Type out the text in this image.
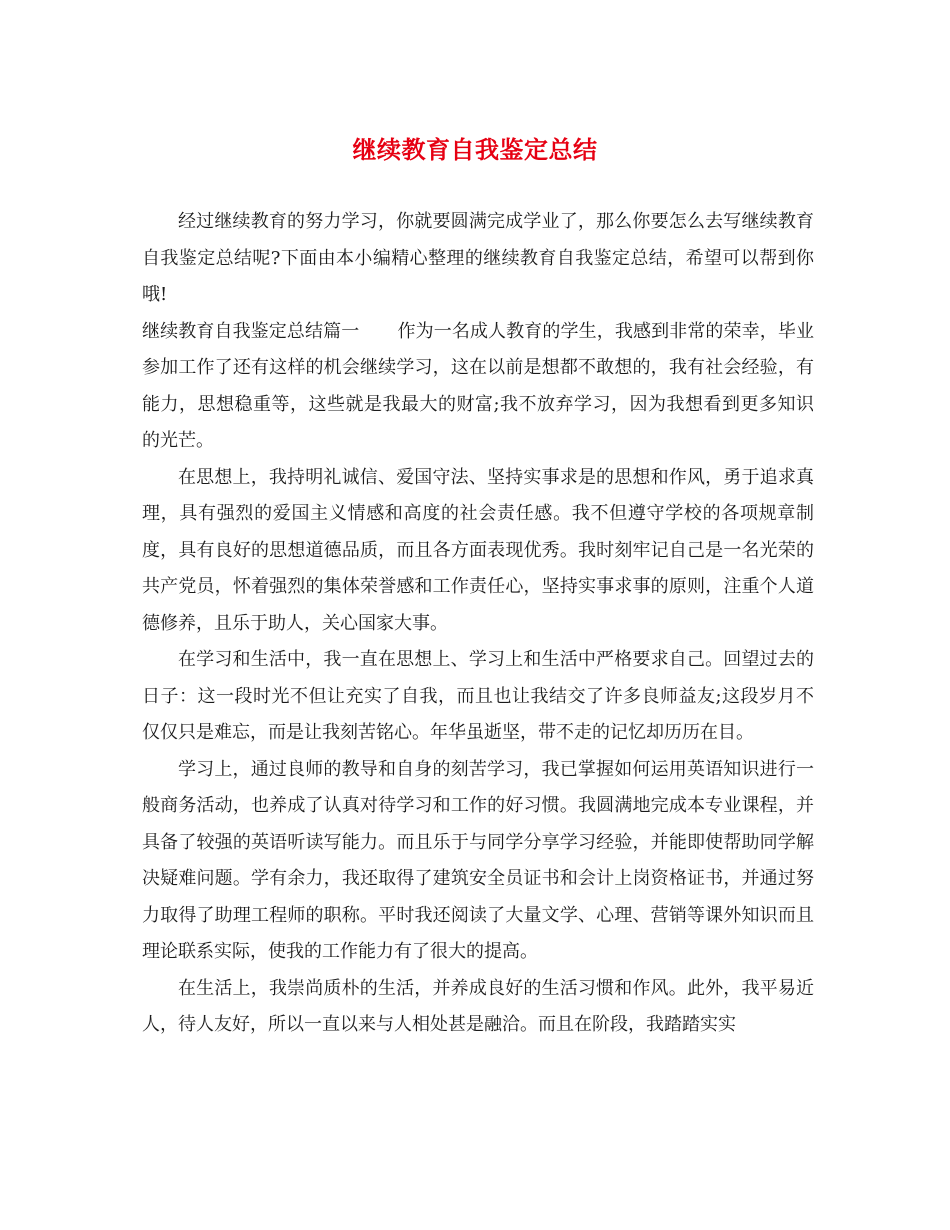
继续教育自我鉴定总结

经过继续教育的努力学习，你就要圆满完成学业了，那么你要怎么去写继续教育自我鉴定总结呢?下面由本小编精心整理的继续教育自我鉴定总结，希望可以帮到你哦!

继续教育自我鉴定总结篇一 作为一名成人教育的学生，我感到非常的荣幸，毕业参加工作了还有这样的机会继续学习，这在以前是想都不敢想的，我有社会经验，有能力，思想稳重等，这些就是我最大的财富;我不放弃学习，因为我想看到更多知识的光芒。

在思想上，我持明礼诚信、爱国守法、坚持实事求是的思想和作风，勇于追求真理，具有强烈的爱国主义情感和高度的社会责任感。我不但遵守学校的各项规章制度，具有良好的思想道德品质，而且各方面表现优秀。我时刻牢记自己是一名光荣的共产党员，怀着强烈的集体荣誉感和工作责任心，坚持实事求事的原则，注重个人道德修养，且乐于助人，关心国家大事。

在学习和生活中，我一直在思想上、学习上和生活中严格要求自己。回望过去的日子：这一段时光不但让充实了自我，而且也让我结交了许多良师益友;这段岁月不仅仅只是难忘，而是让我刻苦铭心。年华虽逝坚，带不走的记忆却历历在目。

学习上，通过良师的教导和自身的刻苦学习，我已掌握如何运用英语知识进行一般商务活动，也养成了认真对待学习和工作的好习惯。我圆满地完成本专业课程，并具备了较强的英语听读写能力。而且乐于与同学分享学习经验，并能即使帮助同学解决疑难问题。学有余力，我还取得了建筑安全员证书和会计上岗资格证书，并通过努力取得了助理工程师的职称。平时我还阅读了大量文学、心理、营销等课外知识而且理论联系实际，使我的工作能力有了很大的提高。

在生活上，我崇尚质朴的生活，并养成良好的生活习惯和作风。此外，我平易近人，待人友好，所以一直以来与人相处甚是融洽。而且在阶段，我踏踏实实
